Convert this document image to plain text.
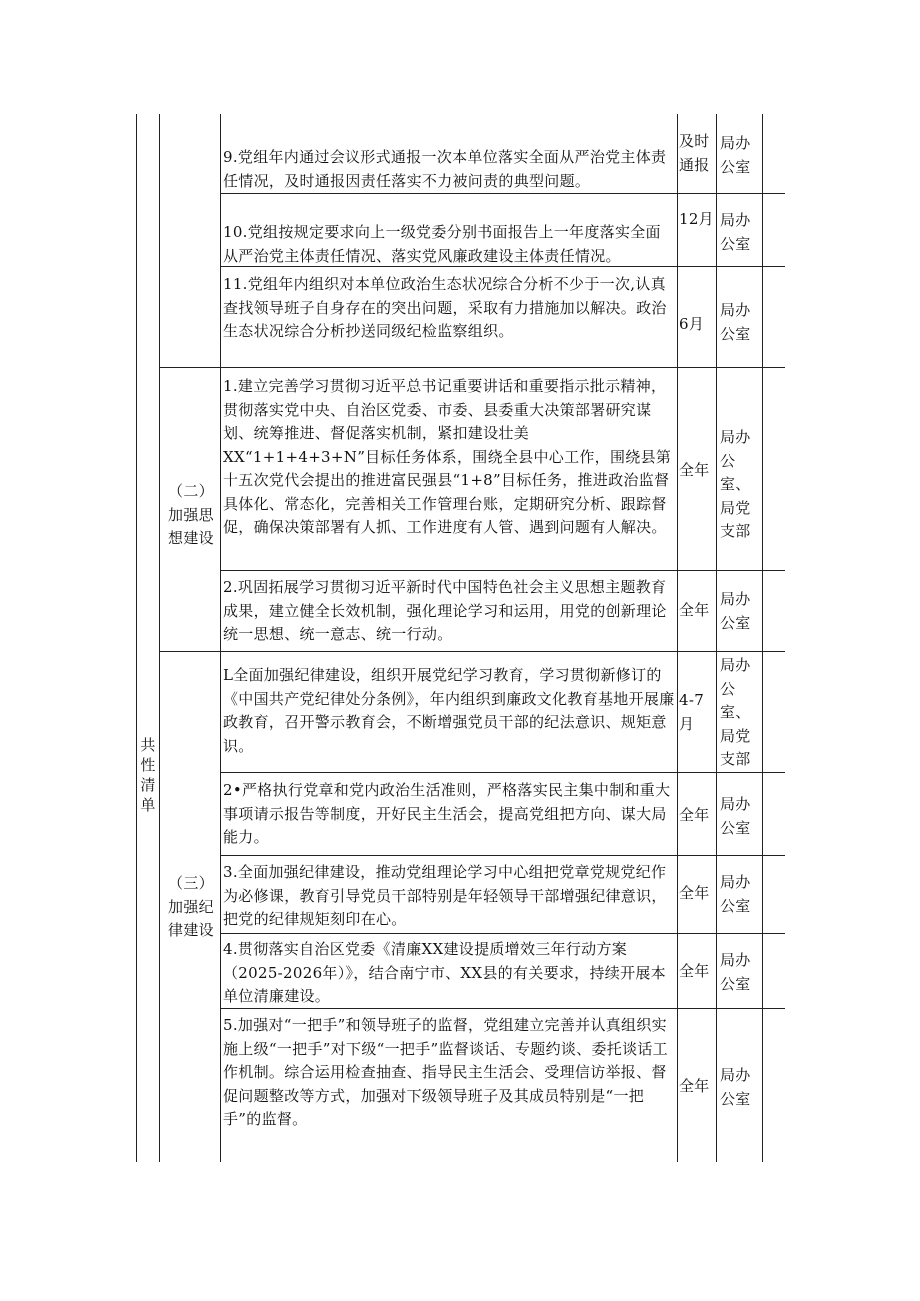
共性清单
9.党组年内通过会议形式通报一次本单位落实全面从严治党主体责任情况，及时通报因责任落实不力被问责的典型问题。
及时通报
局办公室
10.党组按规定要求向上一级党委分别书面报告上一年度落实全面从严治党主体责任情况、落实党风廉政建设主体责任情况。
12月 局办公室
11.党组年内组织对本单位政治生态状况综合分析不少于一次,认真查找领导班子自身存在的突出问题，采取有力措施加以解决。政治生态状况综合分析抄送同级纪检监察组织。	6月
局办公室
（二）加强思想建设
1.建立完善学习贯彻习近平总书记重要讲话和重要指示批示精神，贯彻落实党中央、自治区党委、市委、县委重大决策部署研究谋划、统筹推进、督促落实机制，紧扣建设壮美XX“1+1+4+3+N”目标任务体系，围绕全县中心工作，围绕县第十五次党代会提出的推进富民强县“1+8”目标任务，推进政治监督具体化、常态化，完善相关工作管理台账，定期研究分析、跟踪督促，确保决策部署有人抓、工作进度有人管、遇到问题有人解决。
全年
局办公室、局党支部
2.巩固拓展学习贯彻习近平新时代中国特色社会主义思想主题教育成果，建立健全长效机制，强化理论学习和运用，用党的创新理论统一思想、统一意志、统一行动。
全年
局办公室
（三）加强纪律建设
L全面加强纪律建设，组织开展党纪学习教育，学习贯彻新修订的《中国共产党纪律处分条例》，年内组织到廉政文化教育基地开展廉政教育，召开警示教育会，不断增强党员干部的纪法意识、规矩意识。
4-7月
局办公室、局党支部
2•严格执行党章和党内政治生活准则，严格落实民主集中制和重大事项请示报告等制度，开好民主生活会，提高党组把方向、谋大局能力。
全年
局办公室
3.全面加强纪律建设，推动党组理论学习中心组把党章党规党纪作为必修课，教育引导党员干部特别是年轻领导干部增强纪律意识，把党的纪律规矩刻印在心。
全年
局办公室
4.贯彻落实自治区党委《清廉XX建设提质增效三年行动方案（2025-2026年）》，结合南宁市、XX县的有关要求，持续开展本单位清廉建设。
全年
局办公室
5.加强对“一把手”和领导班子的监督，党组建立完善并认真组织实施上级“一把手”对下级“一把手”监督谈话、专题约谈、委托谈话工作机制。综合运用检查抽查、指导民主生活会、受理信访举报、督促问题整改等方式，加强对下级领导班子及其成员特别是“一把手”的监督。
全年
局办公室
